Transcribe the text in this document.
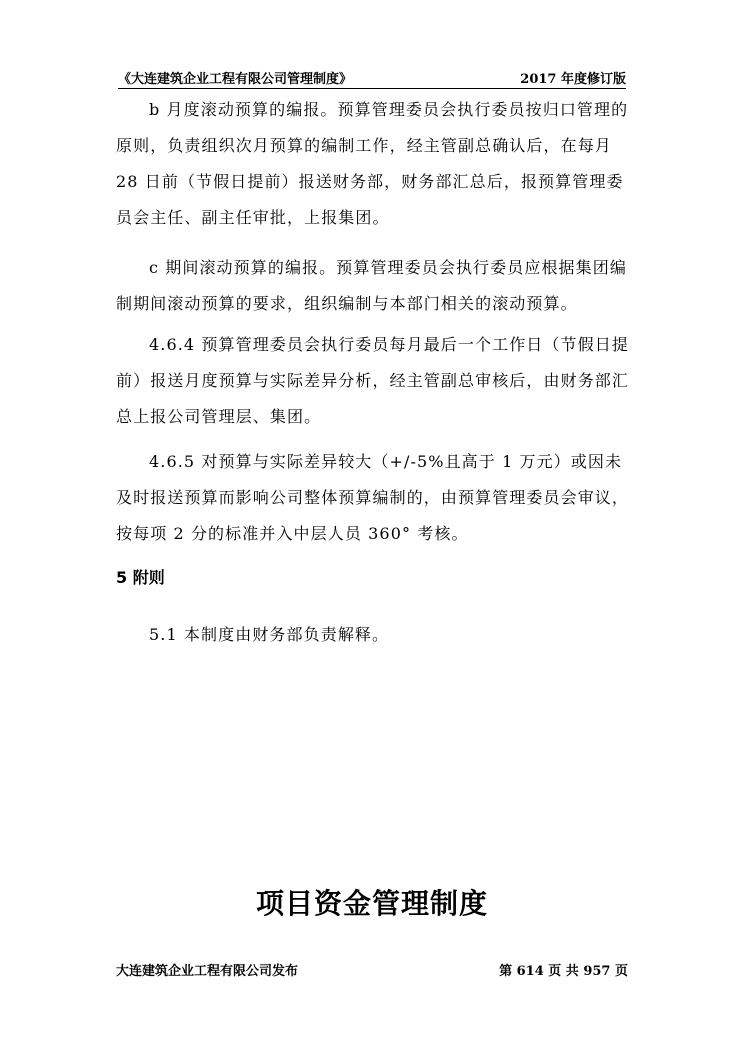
《大连建筑企业工程有限公司管理制度》	2017 年度修订版

b 月度滚动预算的编报。预算管理委员会执行委员按归口管理的原则，负责组织次月预算的编制工作，经主管副总确认后，在每月 28 日前（节假日提前）报送财务部，财务部汇总后，报预算管理委员会主任、副主任审批，上报集团。

c 期间滚动预算的编报。预算管理委员会执行委员应根据集团编制期间滚动预算的要求，组织编制与本部门相关的滚动预算。

4.6.4 预算管理委员会执行委员每月最后一个工作日（节假日提前）报送月度预算与实际差异分析，经主管副总审核后，由财务部汇总上报公司管理层、集团。

4.6.5 对预算与实际差异较大（+/-5%且高于 1 万元）或因未及时报送预算而影响公司整体预算编制的，由预算管理委员会审议，按每项 2 分的标准并入中层人员 360° 考核。

5 附则

5.1 本制度由财务部负责解释。

项目资金管理制度
大连建筑企业工程有限公司发布	第 614 页 共 957 页
